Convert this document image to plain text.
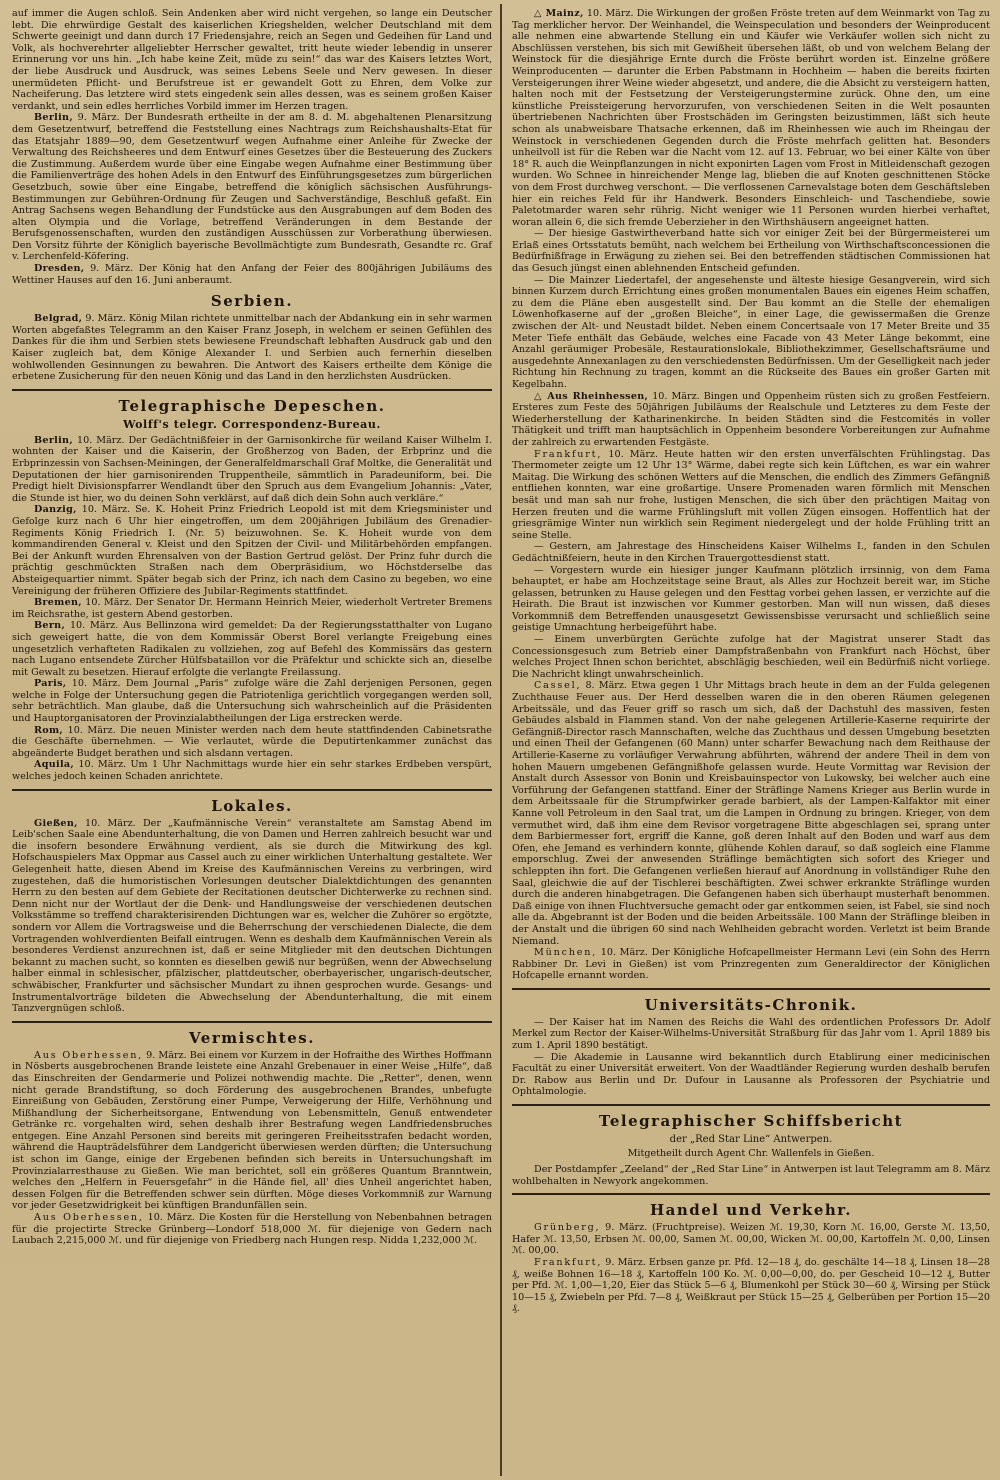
auf immer die Augen schloß. Sein Andenken aber wird nicht vergehen, so lange ein Deutscher lebt. Die ehrwürdige Gestalt des kaiserlichen Kriegshelden, welcher Deutschland mit dem Schwerte geeinigt und dann durch 17 Friedensjahre, reich an Segen und Gedeihen für Land und Volk, als hochverehrter allgeliebter Herrscher gewaltet, tritt heute wieder lebendig in unserer Erinnerung vor uns hin. „Ich habe keine Zeit, müde zu sein!“ das war des Kaisers letztes Wort, der liebe Ausdruck und Ausdruck, was seines Lebens Seele und Nerv gewesen. In dieser unermüdeten Pflicht- und Berufstreue ist er gewandelt Gott zu Ehren, dem Volke zur Nacheiferung. Das letztere wird stets eingedenk sein alles dessen, was es seinem großen Kaiser verdankt, und sein edles herrliches Vorbild immer im Herzen tragen.

Berlin, 9. März. Der Bundesrath ertheilte in der am 8. d. M. abgehaltenen Plenarsitzung dem Gesetzentwurf, betreffend die Feststellung eines Nachtrags zum Reichshaushalts-Etat für das Etatsjahr 1889—90, dem Gesetzentwurf wegen Aufnahme einer Anleihe für Zwecke der Verwaltung des Reichsheeres und dem Entwurf eines Gesetzes über die Besteuerung des Zuckers die Zustimmung. Außerdem wurde über eine Eingabe wegen Aufnahme einer Bestimmung über die Familienverträge des hohen Adels in den Entwurf des Einführungsgesetzes zum bürgerlichen Gesetzbuch, sowie über eine Eingabe, betreffend die königlich sächsischen Ausführungs-Bestimmungen zur Gebühren-Ordnung für Zeugen und Sachverständige, Beschluß gefaßt. Ein Antrag Sachsens wegen Behandlung der Fundstücke aus den Ausgrabungen auf dem Boden des alten Olympia und die Vorlage, betreffend Veränderungen in dem Bestande der Berufsgenossenschaften, wurden den zuständigen Ausschüssen zur Vorberathung überwiesen. Den Vorsitz führte der Königlich bayerische Bevollmächtigte zum Bundesrath, Gesandte rc. Graf v. Lerchenfeld-Köfering.

Dresden, 9. März. Der König hat den Anfang der Feier des 800jährigen Jubiläums des Wettiner Hauses auf den 16. Juni anberaumt.

Serbien.

Belgrad, 9. März. König Milan richtete unmittelbar nach der Abdankung ein in sehr warmen Worten abgefaßtes Telegramm an den Kaiser Franz Joseph, in welchem er seinen Gefühlen des Dankes für die ihm und Serbien stets bewiesene Freundschaft lebhaften Ausdruck gab und den Kaiser zugleich bat, dem Könige Alexander I. und Serbien auch fernerhin dieselben wohlwollenden Gesinnungen zu bewahren. Die Antwort des Kaisers ertheilte dem Könige die erbetene Zusicherung für den neuen König und das Land in den herzlichsten Ausdrücken.

Telegraphische Depeschen.
Wolff's telegr. Correspondenz-Bureau.

Berlin, 10. März. Der Gedächtnißfeier in der Garnisonkirche für weiland Kaiser Wilhelm I. wohnten der Kaiser und die Kaiserin, der Großherzog von Baden, der Erbprinz und die Erbprinzessin von Sachsen-Meiningen, der Generalfeldmarschall Graf Moltke, die Generalität und Deputationen der hier garnisonirenden Truppentheile, sämmtlich in Paradeuniform, bei. Die Predigt hielt Divisionspfarrer Wendlandt über den Spruch aus dem Evangelium Johannis: „Vater, die Stunde ist hier, wo du deinen Sohn verklärst, auf daß dich dein Sohn auch verkläre.“

Danzig, 10. März. Se. K. Hoheit Prinz Friedrich Leopold ist mit dem Kriegsminister und Gefolge kurz nach 6 Uhr hier eingetroffen, um dem 200jährigen Jubiläum des Grenadier-Regiments König Friedrich I. (Nr. 5) beizuwohnen. Se. K. Hoheit wurde von dem kommandirenden General v. Kleist und den Spitzen der Civil- und Militärbehörden empfangen. Bei der Ankunft wurden Ehrensalven von der Bastion Gertrud gelöst. Der Prinz fuhr durch die prächtig geschmückten Straßen nach dem Oberpräsidium, wo Höchstderselbe das Absteigequartier nimmt. Später begab sich der Prinz, ich nach dem Casino zu begeben, wo eine Vereinigung der früheren Offiziere des Jubilar-Regiments stattfindet.

Bremen, 10. März. Der Senator Dr. Hermann Heinrich Meier, wiederholt Vertreter Bremens im Reichsrathe, ist gestern Abend gestorben.

Bern, 10. März. Aus Bellinzona wird gemeldet: Da der Regierungsstatthalter von Lugano sich geweigert hatte, die von dem Kommissär Oberst Borel verlangte Freigebung eines ungesetzlich verhafteten Radikalen zu vollziehen, zog auf Befehl des Kommissärs das gestern nach Lugano entsendete Zürcher Hülfsbataillon vor die Präfektur und schickte sich an, dieselbe mit Gewalt zu besetzen. Hierauf erfolgte die verlangte Freilassung.

Paris, 10. März. Dem Journal „Paris“ zufolge wäre die Zahl derjenigen Personen, gegen welche in Folge der Untersuchung gegen die Patriotenliga gerichtlich vorgegangen werden soll, sehr beträchtlich. Man glaube, daß die Untersuchung sich wahrscheinlich auf die Präsidenten und Hauptorganisatoren der Provinzialabtheilungen der Liga erstrecken werde.

Rom, 10. März. Die neuen Minister werden nach dem heute stattfindenden Cabinetsrathe die Geschäfte übernehmen. — Wie verlautet, würde die Deputirtenkammer zunächst das abgeänderte Budget berathen und sich alsdann vertagen.

Aquila, 10. März. Um 1 Uhr Nachmittags wurde hier ein sehr starkes Erdbeben verspürt, welches jedoch keinen Schaden anrichtete.

Lokales.

Gießen, 10. März. Der „Kaufmännische Verein“ veranstaltete am Samstag Abend im Leib'schen Saale eine Abendunterhaltung, die von Damen und Herren zahlreich besucht war und die insofern besondere Erwähnung verdient, als sie durch die Mitwirkung des kgl. Hofschauspielers Max Oppmar aus Cassel auch zu einer wirklichen Unterhaltung gestaltete. Wer Gelegenheit hatte, diesen Abend im Kreise des Kaufmännischen Vereins zu verbringen, wird zugestehen, daß die humoristischen Vorlesungen deutscher Dialektdichtungen des genannten Herrn zu den besten auf dem Gebiete der Recitationen deutscher Dichterwerke zu rechnen sind. Denn nicht nur der Wortlaut der die Denk- und Handlungsweise der verschiedenen deutschen Volksstämme so treffend charakterisirenden Dichtungen war es, welcher die Zuhörer so ergötzte, sondern vor Allem die Vortragsweise und die Beherrschung der verschiedenen Dialecte, die dem Vortragenden wohlverdienten Beifall eintrugen. Wenn es deshalb dem Kaufmännischen Verein als besonderes Verdienst anzurechnen ist, daß er seine Mitglieder mit den deutschen Dichtungen bekannt zu machen sucht, so konnten es dieselben gewiß nur begrüßen, wenn der Abwechselung halber einmal in schlesischer, pfälzischer, plattdeutscher, oberbayerischer, ungarisch-deutscher, schwäbischer, Frankfurter und sächsischer Mundart zu ihnen gesprochen wurde. Gesangs- und Instrumentalvorträge bildeten die Abwechselung der Abendunterhaltung, die mit einem Tanzvergnügen schloß.

Vermischtes.

Aus Oberhessen, 9. März. Bei einem vor Kurzem in der Hofraithe des Wirthes Hoffmann in Nösberts ausgebrochenen Brande leistete eine Anzahl Grebenauer in einer Weise „Hilfe“, daß das Einschreiten der Gendarmerie und Polizei nothwendig machte. Die „Retter“, denen, wenn nicht gerade Brandstiftung, so doch Förderung des ausgebrochenen Brandes, unbefugte Einreißung von Gebäuden, Zerstörung einer Pumpe, Verweigerung der Hilfe, Verhöhnung und Mißhandlung der Sicherheitsorgane, Entwendung von Lebensmitteln, Genuß entwendeter Getränke rc. vorgehalten wird, sehen deshalb ihrer Bestrafung wegen Landfriedensbruches entgegen. Eine Anzahl Personen sind bereits mit geringeren Freiheitsstrafen bedacht worden, während die Haupträdelsführer dem Landgericht überwiesen werden dürften; die Untersuchung ist schon im Gange, einige der Ergebenen befinden sich bereits in Untersuchungshaft im Provinzialarresthause zu Gießen. Wie man berichtet, soll ein größeres Quantum Branntwein, welches den „Helfern in Feuersgefahr“ in die Hände fiel, all' dies Unheil angerichtet haben, dessen Folgen für die Betreffenden schwer sein dürften. Möge dieses Vorkommniß zur Warnung vor jeder Gesetzwidrigkeit bei künftigen Brandunfällen sein.

Aus Oberhessen, 10. März. Die Kosten für die Herstellung von Nebenbahnen betragen für die projectirte Strecke Grünberg—Londorf 518,000 ℳ. für diejenige von Gedern nach Laubach 2,215,000 ℳ. und für diejenige von Friedberg nach Hungen resp. Nidda 1,232,000 ℳ.

△ Mainz, 10. März. Die Wirkungen der großen Fröste treten auf dem Weinmarkt von Tag zu Tag merklicher hervor. Der Weinhandel, die Weinspeculation und besonders der Weinproducent alle nehmen eine abwartende Stellung ein und Käufer wie Verkäufer wollen sich nicht zu Abschlüssen verstehen, bis sich mit Gewißheit übersehen läßt, ob und von welchem Belang der Weinstock für die diesjährige Ernte durch die Fröste berührt worden ist. Einzelne größere Weinproducenten — darunter die Erben Pabstmann in Hochheim — haben die bereits fixirten Versteigerungen ihrer Weine wieder abgesetzt, und andere, die die Absicht zu versteigern hatten, halten noch mit der Festsetzung der Versteigerungstermine zurück. Ohne den, um eine künstliche Preissteigerung hervorzurufen, von verschiedenen Seiten in die Welt posaunten übertriebenen Nachrichten über Frostschäden im Geringsten beizustimmen, läßt sich heute schon als unabweisbare Thatsache erkennen, daß im Rheinhessen wie auch im Rheingau der Weinstock in verschiedenen Gegenden durch die Fröste mehrfach gelitten hat. Besonders unheilvoll ist für die Reben war die Nacht vom 12. auf 13. Februar, wo bei einer Kälte von über 18° R. auch die Weinpflanzungen in nicht exponirten Lagen vom Frost in Mitleidenschaft gezogen wurden. Wo Schnee in hinreichender Menge lag, blieben die auf Knoten geschnittenen Stöcke von dem Frost durchweg verschont. — Die verflossenen Carnevalstage boten dem Geschäftsleben hier ein reiches Feld für ihr Handwerk. Besonders Einschleich- und Taschendiebe, sowie Paletotmarder waren sehr rührig. Nicht weniger wie 11 Personen wurden hierbei verhaftet, woran allein 6, die sich fremde Ueberzieher in den Wirthshäusern angeeignet hatten.

— Der hiesige Gastwirtheverband hatte sich vor einiger Zeit bei der Bürgermeisterei um Erlaß eines Ortsstatuts bemüht, nach welchem bei Ertheilung von Wirthschaftsconcessionen die Bedürfnißfrage in Erwägung zu ziehen sei. Bei den betreffenden städtischen Commissionen hat das Gesuch jüngst einen ablehnenden Entscheid gefunden.

— Die Mainzer Liedertafel, der angesehenste und älteste hiesige Gesangverein, wird sich binnen Kurzem durch Errichtung eines großen monumentalen Baues ein eigenes Heim schaffen, zu dem die Pläne eben ausgestellt sind. Der Bau kommt an die Stelle der ehemaligen Löwenhofkaserne auf der „großen Bleiche“, in einer Lage, die gewissermaßen die Grenze zwischen der Alt- und Neustadt bildet. Neben einem Concertsaale von 17 Meter Breite und 35 Meter Tiefe enthält das Gebäude, welches eine Facade von 43 Meter Länge bekommt, eine Anzahl geräumiger Probesäle, Restaurationslokale, Bibliothekzimmer, Gesellschaftsräume und ausgedehnte Annexanlagen zu den verschiedensten Bedürfnissen. Um der Geselligkeit nach jeder Richtung hin Rechnung zu tragen, kommt an die Rückseite des Baues ein großer Garten mit Kegelbahn.

△ Aus Rheinhessen, 10. März. Bingen und Oppenheim rüsten sich zu großen Festfeiern. Ersteres zum Feste des 50jährigen Jubiläums der Realschule und Letzteres zu dem Feste der Wiederherstellung der Katharinenkirche. In beiden Städten sind die Festcomités in voller Thätigkeit und trifft man hauptsächlich in Oppenheim besondere Vorbereitungen zur Aufnahme der zahlreich zu erwartenden Festgäste.

Frankfurt, 10. März. Heute hatten wir den ersten unverfälschten Frühlingstag. Das Thermometer zeigte um 12 Uhr 13° Wärme, dabei regte sich kein Lüftchen, es war ein wahrer Maitag. Die Wirkung des schönen Wetters auf die Menschen, die endlich des Zimmers Gefängniß entfliehen konnten, war eine großartige. Unsere Promenaden waren förmlich mit Menschen besät und man sah nur frohe, lustigen Menschen, die sich über den prächtigen Maitag von Herzen freuten und die warme Frühlingsluft mit vollen Zügen einsogen. Hoffentlich hat der griesgrämige Winter nun wirklich sein Regiment niedergelegt und der holde Frühling tritt an seine Stelle.

— Gestern, am Jahrestage des Hinscheidens Kaiser Wilhelms I., fanden in den Schulen Gedächtnißfeiern, heute in den Kirchen Trauergottesdienst statt.

— Vorgestern wurde ein hiesiger junger Kaufmann plötzlich irrsinnig, von dem Fama behauptet, er habe am Hochzeitstage seine Braut, als Alles zur Hochzeit bereit war, im Stiche gelassen, betrunken zu Hause gelegen und den Festtag vorbei gehen lassen, er verzichte auf die Heirath. Die Braut ist inzwischen vor Kummer gestorben. Man will nun wissen, daß dieses Vorkommniß dem Betreffenden unausgesetzt Gewissensbisse verursacht und schließlich seine geistige Umnachtung herbeigeführt habe.

— Einem unverbürgten Gerüchte zufolge hat der Magistrat unserer Stadt das Concessionsgesuch zum Betrieb einer Dampfstraßenbahn von Frankfurt nach Höchst, über welches Project Ihnen schon berichtet, abschlägig beschieden, weil ein Bedürfniß nicht vorliege. Die Nachricht klingt unwahrscheinlich.

Cassel, 8. März. Etwa gegen 1 Uhr Mittags brach heute in dem an der Fulda gelegenen Zuchthause Feuer aus. Der Herd desselben waren die in den oberen Räumen gelegenen Arbeitssäle, und das Feuer griff so rasch um sich, daß der Dachstuhl des massiven, festen Gebäudes alsbald in Flammen stand. Von der nahe gelegenen Artillerie-Kaserne requirirte der Gefängniß-Director rasch Mannschaften, welche das Zuchthaus und dessen Umgebung besetzten und einen Theil der Gefangenen (60 Mann) unter scharfer Bewachung nach dem Reithause der Artillerie-Kaserne zu vorläufiger Verwahrung abführten, während der andere Theil in dem von hohen Mauern umgebenen Gefängnißhofe gelassen wurde. Heute Vormittag war Revision der Anstalt durch Assessor von Bonin und Kreisbauinspector von Lukowsky, bei welcher auch eine Vorführung der Gefangenen stattfand. Einer der Sträflinge Namens Krieger aus Berlin wurde in dem Arbeitssaale für die Strumpfwirker gerade barbiert, als der Lampen-Kalfaktor mit einer Kanne voll Petroleum in den Saal trat, um die Lampen in Ordnung zu bringen. Krieger, von dem vermuthet wird, daß ihm eine dem Revisor vorgetragene Bitte abgeschlagen sei, sprang unter dem Barbiermesser fort, ergriff die Kanne, goß deren Inhalt auf den Boden und warf aus dem Ofen, ehe Jemand es verhindern konnte, glühende Kohlen darauf, so daß sogleich eine Flamme emporschlug. Zwei der anwesenden Sträflinge bemächtigten sich sofort des Krieger und schleppten ihn fort. Die Gefangenen verließen hierauf auf Anordnung in vollständiger Ruhe den Saal, gleichwie die auf der Tischlerei beschäftigten. Zwei schwer erkrankte Sträflinge wurden durch die anderen hinabgetragen. Die Gefangenen haben sich überhaupt musterhaft benommen. Daß einige von ihnen Fluchtversuche gemacht oder gar entkommen seien, ist Fabel, sie sind noch alle da. Abgebrannt ist der Boden und die beiden Arbeitssäle. 100 Mann der Sträflinge bleiben in der Anstalt und die übrigen 60 sind nach Wehlheiden gebracht worden. Verletzt ist beim Brande Niemand.

München, 10. März. Der Königliche Hofcapellmeister Hermann Levi (ein Sohn des Herrn Rabbiner Dr. Levi in Gießen) ist vom Prinzregenten zum Generaldirector der Königlichen Hofcapelle ernannt worden.

Universitäts-Chronik.

— Der Kaiser hat im Namen des Reichs die Wahl des ordentlichen Professors Dr. Adolf Merkel zum Rector der Kaiser-Wilhelms-Universität Straßburg für das Jahr vom 1. April 1889 bis zum 1. April 1890 bestätigt.

— Die Akademie in Lausanne wird bekanntlich durch Etablirung einer medicinischen Facultät zu einer Universität erweitert. Von der Waadtländer Regierung wurden deshalb berufen Dr. Rabow aus Berlin und Dr. Dufour in Lausanne als Professoren der Psychiatrie und Ophtalmologie.

Telegraphischer Schiffsbericht
der „Red Star Line“ Antwerpen.
Mitgetheilt durch Agent Chr. Wallenfels in Gießen.

Der Postdampfer „Zeeland“ der „Red Star Line“ in Antwerpen ist laut Telegramm am 8. März wohlbehalten in Newyork angekommen.

Handel und Verkehr.

Grünberg, 9. März. (Fruchtpreise). Weizen ℳ. 19,30, Korn ℳ. 16,00, Gerste ℳ. 13,50, Hafer ℳ. 13,50, Erbsen ℳ. 00,00, Samen ℳ. 00,00, Wicken ℳ. 00,00, Kartoffeln ℳ. 0,00, Linsen ℳ. 00,00.

Frankfurt, 9. März. Erbsen ganze pr. Pfd. 12—18 ₰, do. geschälte 14—18 ₰, Linsen 18—28 ₰, weiße Bohnen 16—18 ₰, Kartoffeln 100 Ko. ℳ. 0,00—0,00, do. per Gescheid 10—12 ₰, Butter per Pfd. ℳ. 1,00—1,20, Eier das Stück 5—6 ₰, Blumenkohl per Stück 30—60 ₰, Wirsing per Stück 10—15 ₰, Zwiebeln per Pfd. 7—8 ₰, Weißkraut per Stück 15—25 ₰, Gelberüben per Portion 15—20 ₰.
